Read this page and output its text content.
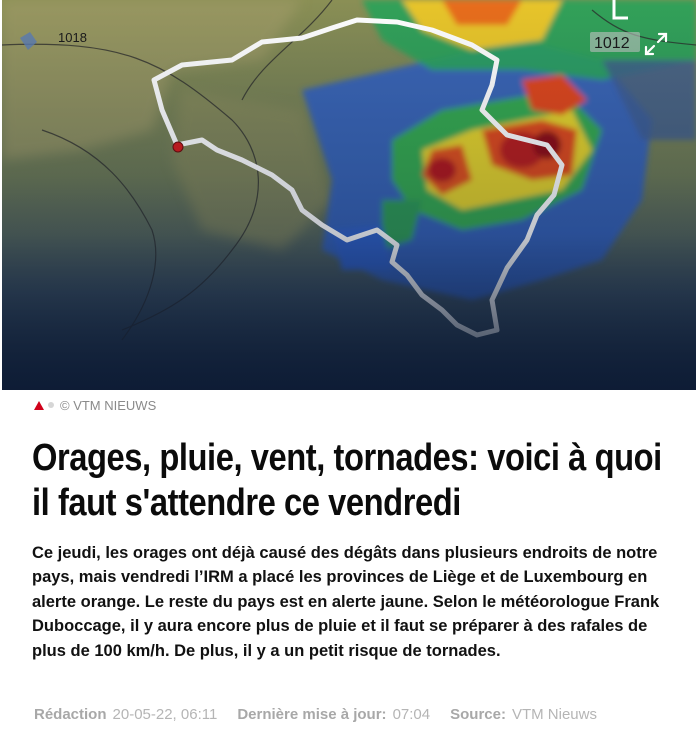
© VTM NIEUWS
Orages, pluie, vent, tornades: voici à quoi il faut s'attendre ce vendredi

Ce jeudi, les orages ont déjà causé des dégâts dans plusieurs endroits de notre pays, mais vendredi l’IRM a placé les provinces de Liège et de Luxembourg en alerte orange. Le reste du pays est en alerte jaune. Selon le météorologue Frank Duboccage, il y aura encore plus de pluie et il faut se préparer à des rafales de plus de 100 km/h. De plus, il y a un petit risque de tornades.

Rédaction 20-05-22, 06:11 Dernière mise à jour: 07:04 Source: VTM Nieuws
